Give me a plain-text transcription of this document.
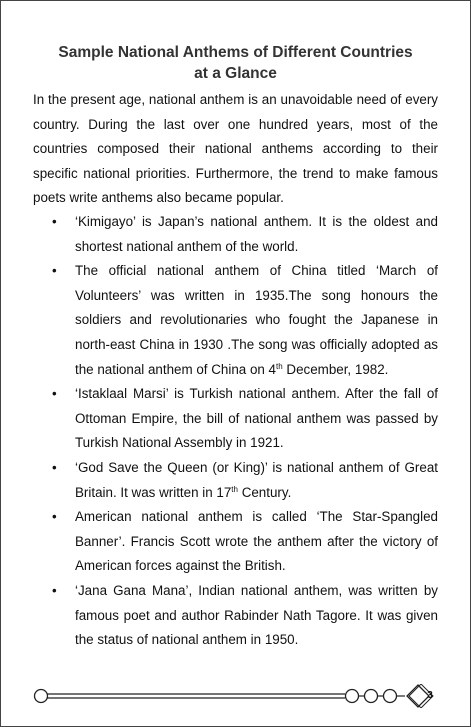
Sample National Anthems of Different Countries
at a Glance

In the present age, national anthem is an unavoidable need of every country. During the last over one hundred years, most of the countries composed their national anthems according to their specific national priorities. Furthermore, the trend to make famous poets write anthems also became popular.

• ‘Kimigayo’ is Japan’s national anthem. It is the oldest and shortest national anthem of the world.
• The official national anthem of China titled ‘March of Volunteers’ was written in 1935.The song honours the soldiers and revolutionaries who fought the Japanese in north-east China in 1930 .The song was officially adopted as the national anthem of China on 4th December, 1982.
• ‘Istaklaal Marsi’ is Turkish national anthem. After the fall of Ottoman Empire, the bill of national anthem was passed by Turkish National Assembly in 1921.
• ‘God Save the Queen (or King)’ is national anthem of Great Britain. It was written in 17th Century.
• American national anthem is called ‘The Star-Spangled Banner’. Francis Scott wrote the anthem after the victory of American forces against the British.
• ‘Jana Gana Mana’, Indian national anthem, was written by famous poet and author Rabinder Nath Tagore. It was given the status of national anthem in 1950.
3
